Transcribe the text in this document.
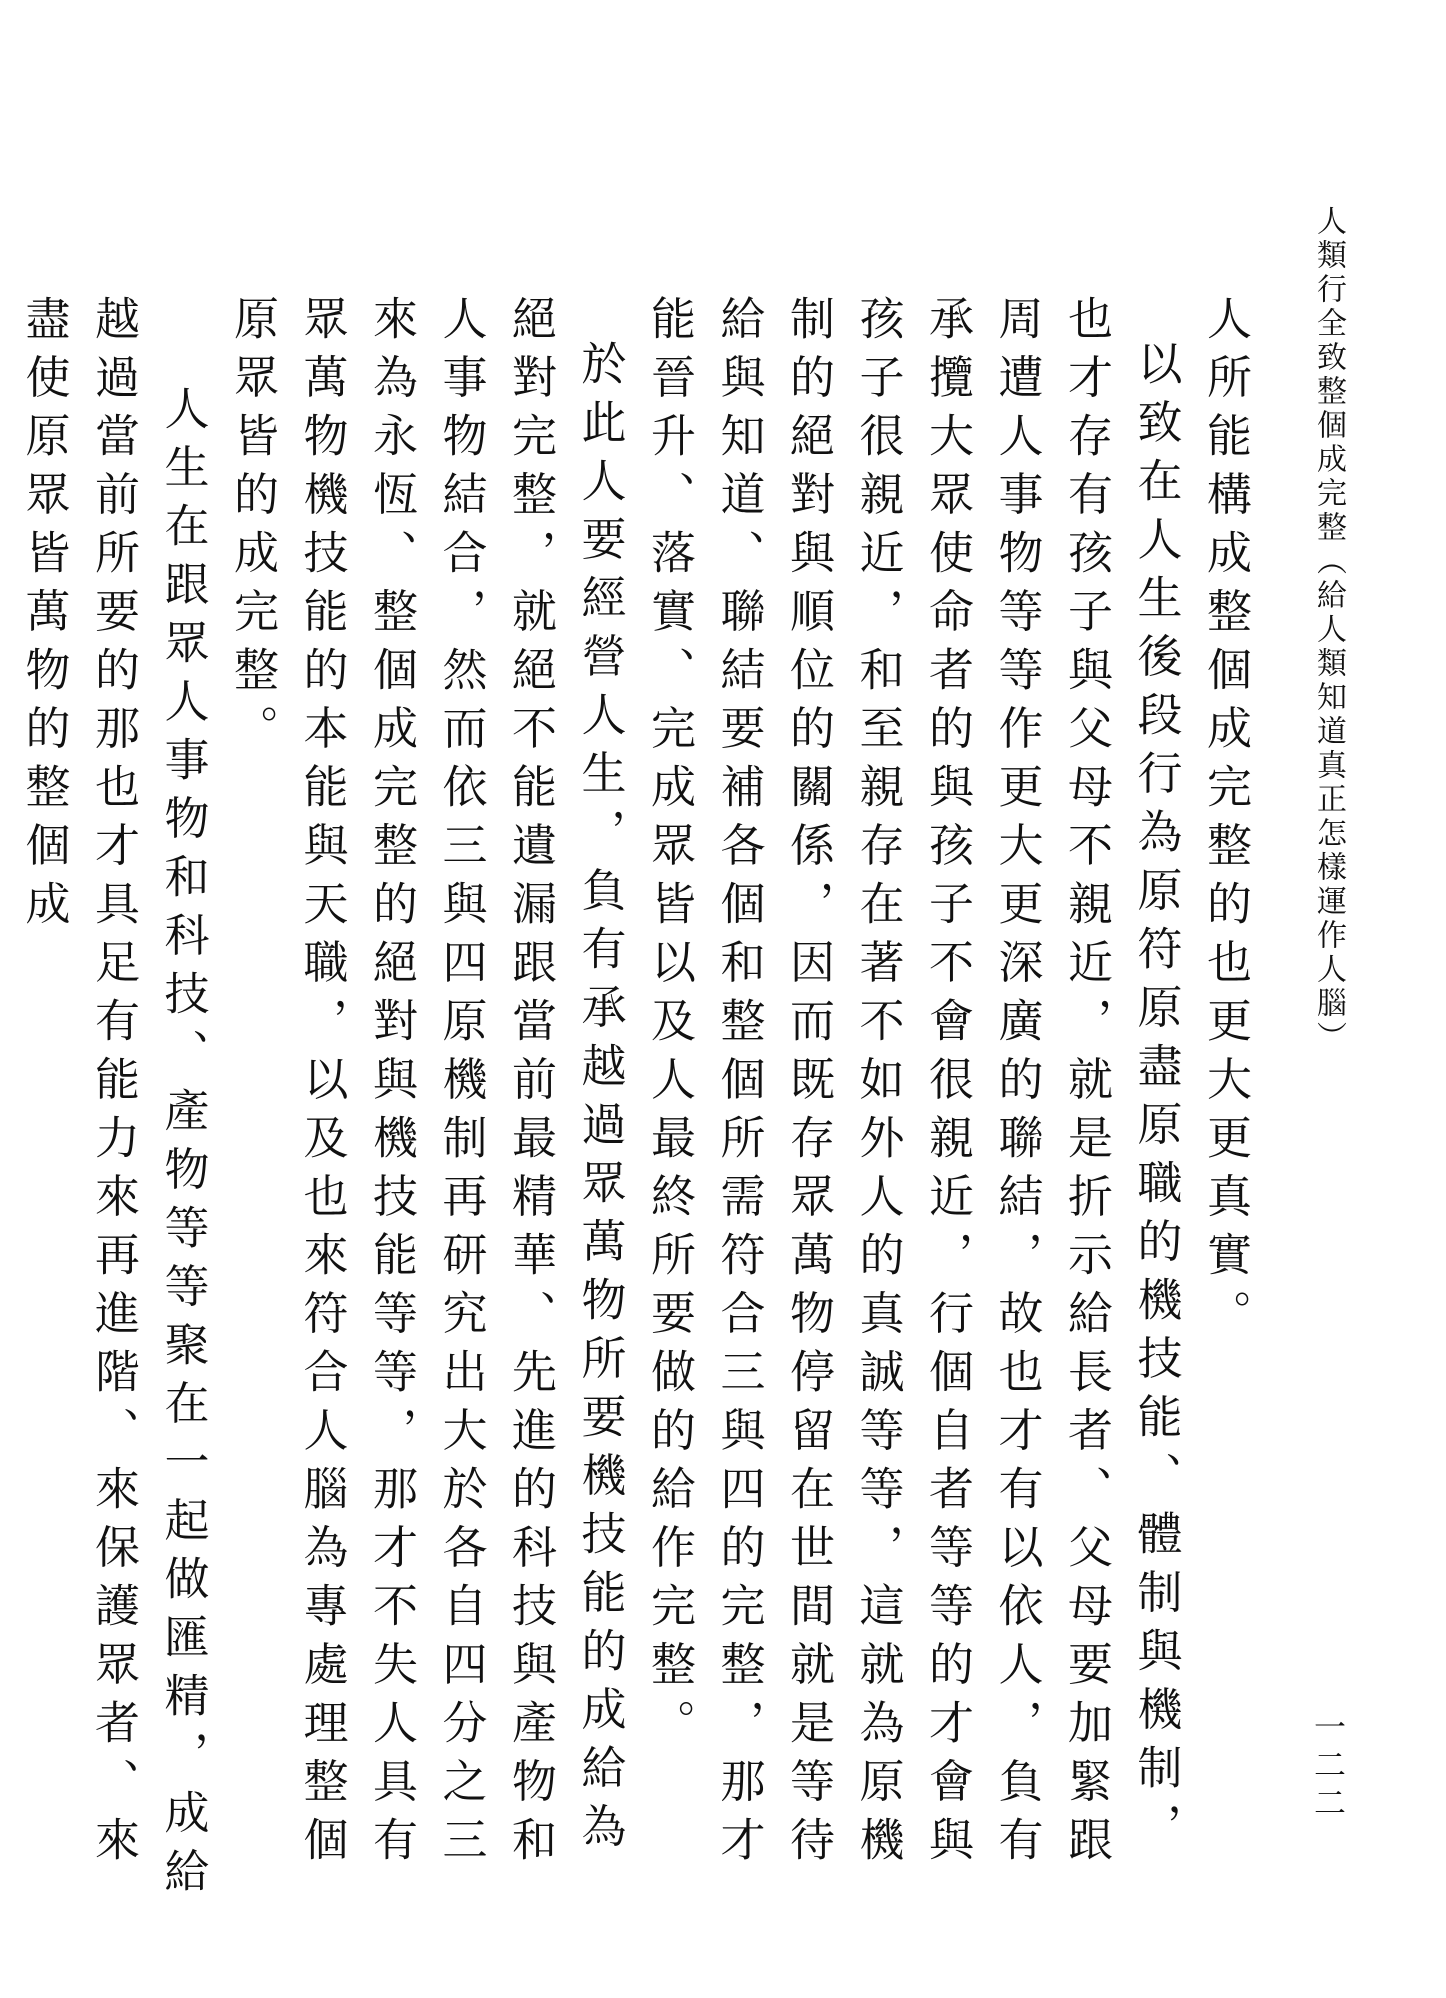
人類行全致整個成完整（給人類知道真正怎樣運作人腦）
一二二

人所能構成整個成完整的也更大更真實。

以致在人生後段行為原符原盡原職的機技能、體制與機制，也才存有孩子與父母不親近，就是折示給長者、父母要加緊跟周遭人事物等等作更大更深廣的聯結，故也才有以依人，負有承攬大眾使命者的與孩子不會很親近，行個自者等等的才會與孩子很親近，和至親存在著不如外人的真誠等等，這就為原機制的絕對與順位的關係，因而既存眾萬物停留在世間就是等待給與知道、聯結要補各個和整個所需符合三與四的完整，那才能晉升、落實、完成眾皆以及人最終所要做的給作完整。

於此人要經營人生，負有承越過眾萬物所要機技能的成給為絕對完整，就絕不能遺漏跟當前最精華、先進的科技與產物和人事物結合，然而依三與四原機制再研究出大於各自四分之三來為永恆、整個成完整的絕對與機技能等等，那才不失人具有眾萬物機技能的本能與天職，以及也來符合人腦為專處理整個原眾皆的成完整。

人生在跟眾人事物和科技、產物等等聚在一起做匯精，成給越過當前所要的那也才具足有能力來再進階、來保護眾者、來盡使原眾皆萬物的整個成
